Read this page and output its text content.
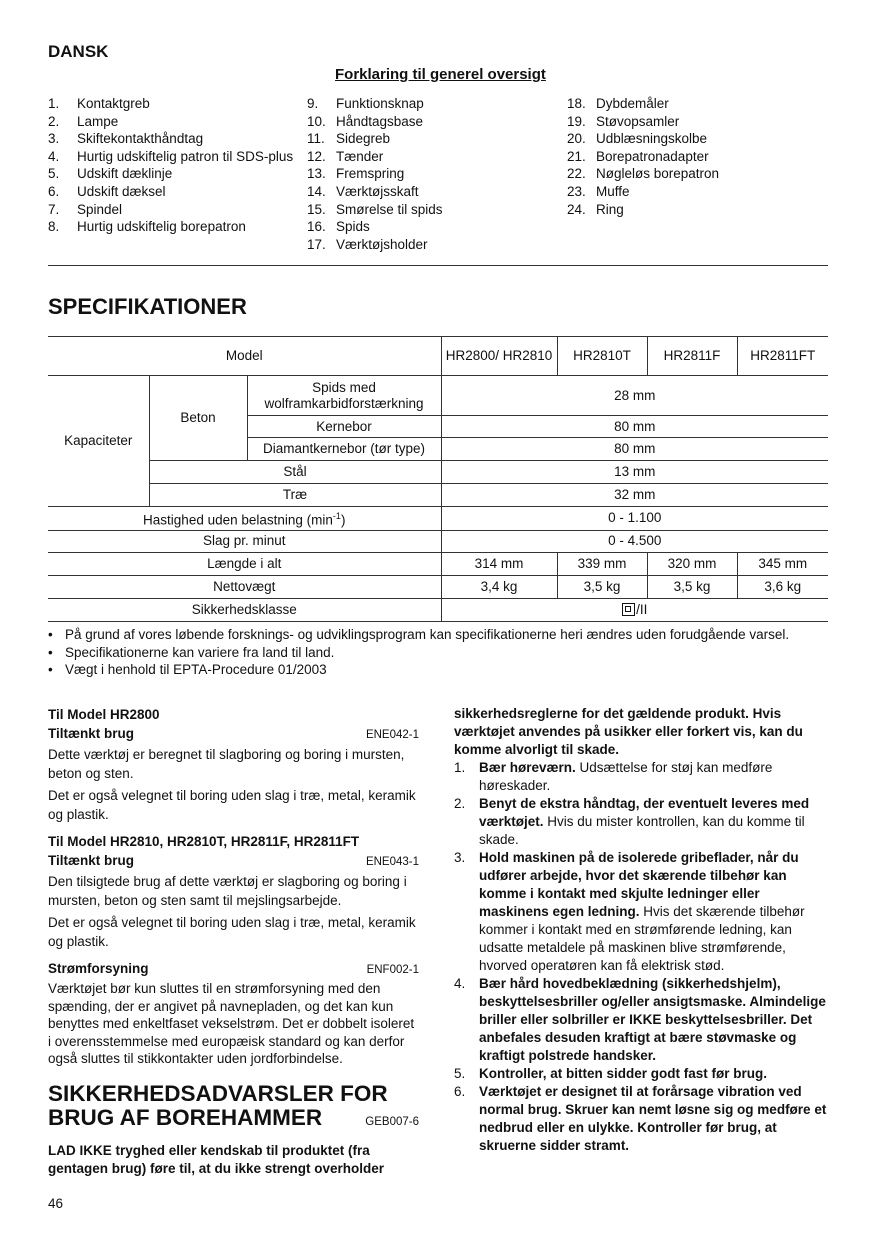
DANSK
Forklaring til generel oversigt
1.	Kontaktgreb
2.	Lampe
3.	Skiftekontakthåndtag
4.	Hurtig udskiftelig patron til SDS-plus
5.	Udskift dæklinje
6.	Udskift dæksel
7.	Spindel
8.	Hurtig udskiftelig borepatron
9.	Funktionsknap
10. Håndtagsbase
11. Sidegreb
12. Tænder
13. Fremspring
14. Værktøjsskaft
15. Smørelse til spids
16. Spids
17. Værktøjsholder
18. Dybdemåler
19. Støvopsamler
20. Udblæsningskolbe
21. Borepatronadapter
22. Nøgleløs borepatron
23. Muffe
24. Ring
SPECIFIKATIONER
Model			HR2800/ HR2810	HR2810T	HR2811F	HR2811FT
Kapaciteter	Beton	Spids med wolframkarbidforstærkning	28 mm			
		Kernebor	80 mm			
		Diamantkernebor (tør type)	80 mm			
	Stål		13 mm			
	Træ		32 mm			
Hastighed uden belastning $(\min^{-1})$			0 - 1.100			
Slag pr. minut			0 - 4.500			
Længde i alt			314 mm	339 mm	320 mm	345 mm
Nettovægt			3,4 kg	3,5 kg	3,5 kg	3,6 kg
Sikkerhedsklasse			/II			
• På grund af vores løbende forsknings- og udviklingsprogram kan specifikationerne heri ændres uden forudgående varsel.
• Specifikationerne kan variere fra land til land.
• Vægt i henhold til EPTA-Procedure 01/2003
Til Model HR2800
Tiltænkt brug	ENE042-1
Dette værktøj er beregnet til slagboring og boring i mursten, beton og sten.
Det er også velegnet til boring uden slag i træ, metal, keramik og plastik.
Til Model HR2810, HR2810T, HR2811F, HR2811FT
Tiltænkt brug	ENE043-1
Den tilsigtede brug af dette værktøj er slagboring og boring i mursten, beton og sten samt til mejslingsarbejde.
Det er også velegnet til boring uden slag i træ, metal, keramik og plastik.
Strømforsyning	ENF002-1
Værktøjet bør kun sluttes til en strømforsyning med den spænding, der er angivet på navnepladen, og det kan kun benyttes med enkeltfaset vekselstrøm. Det er dobbelt isoleret i overensstemmelse med europæisk standard og kan derfor også sluttes til stikkontakter uden jordforbindelse.
SIKKERHEDSADVARSLER FOR
BRUG AF BOREHAMMER	GEB007-6
LAD IKKE tryghed eller kendskab til produktet (fra gentagen brug) føre til, at du ikke strengt overholder
sikkerhedsreglerne for det gældende produkt. Hvis værktøjet anvendes på usikker eller forkert vis, kan du komme alvorligt til skade.
1.	Bær høreværn. Udsættelse for støj kan medføre høreskader.
2.	Benyt de ekstra håndtag, der eventuelt leveres med værktøjet. Hvis du mister kontrollen, kan du komme til skade.
3.	Hold maskinen på de isolerede gribeflader, når du udfører arbejde, hvor det skærende tilbehør kan komme i kontakt med skjulte ledninger eller maskinens egen ledning. Hvis det skærende tilbehør kommer i kontakt med en strømførende ledning, kan udsatte metaldele på maskinen blive strømførende, hvorved operatøren kan få elektrisk stød.
4.	Bær hård hovedbeklædning (sikkerhedshjelm), beskyttelsesbriller og/eller ansigtsmaske. Almindelige briller eller solbriller er IKKE beskyttelsesbriller. Det anbefales desuden kraftigt at bære støvmaske og kraftigt polstrede handsker.
5.	Kontroller, at bitten sidder godt fast før brug.
6.	Værktøjet er designet til at forårsage vibration ved normal brug. Skruer kan nemt løsne sig og medføre et nedbrud eller en ulykke. Kontroller før brug, at skruerne sidder stramt.
46
